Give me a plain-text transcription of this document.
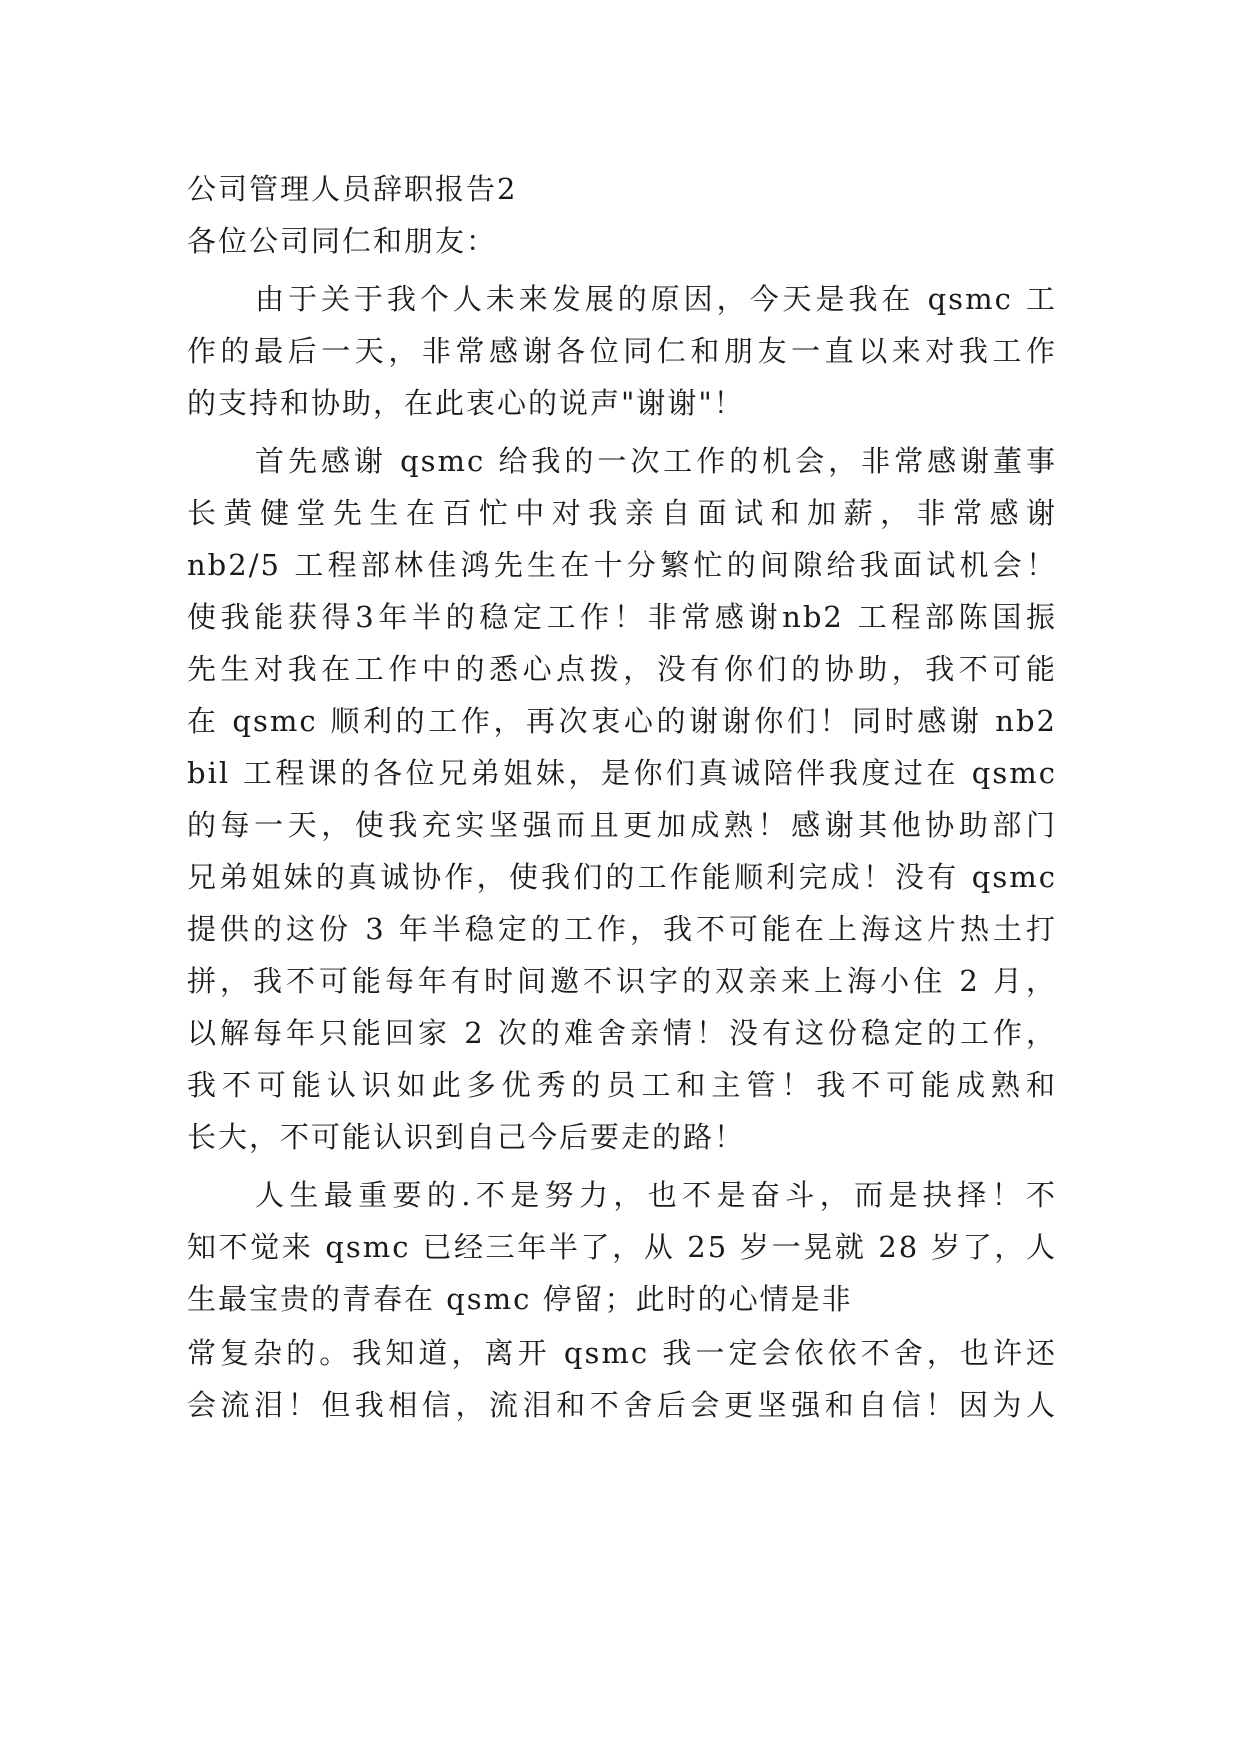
公司管理人员辞职报告2
各位公司同仁和朋友：
由于关于我个人未来发展的原因，今天是我在 qsmc 工
作的最后一天，非常感谢各位同仁和朋友一直以来对我工作
的支持和协助，在此衷心的说声"谢谢"！
首先感谢 qsmc 给我的一次工作的机会，非常感谢董事
长黄健堂先生在百忙中对我亲自面试和加薪，非常感谢
nb2/5 工程部林佳鸿先生在十分繁忙的间隙给我面试机会！
使我能获得3年半的稳定工作！非常感谢nb2 工程部陈国振
先生对我在工作中的悉心点拨，没有你们的协助，我不可能
在 qsmc 顺利的工作，再次衷心的谢谢你们！同时感谢 nb2
bil 工程课的各位兄弟姐妹，是你们真诚陪伴我度过在 qsmc
的每一天，使我充实坚强而且更加成熟！感谢其他协助部门
兄弟姐妹的真诚协作，使我们的工作能顺利完成！没有 qsmc
提供的这份 3 年半稳定的工作，我不可能在上海这片热土打
拼，我不可能每年有时间邀不识字的双亲来上海小住 2 月，
以解每年只能回家 2 次的难舍亲情！没有这份稳定的工作，
我不可能认识如此多优秀的员工和主管！我不可能成熟和
长大，不可能认识到自己今后要走的路！
人生最重要的.不是努力，也不是奋斗，而是抉择！不
知不觉来 qsmc 已经三年半了，从 25 岁一晃就 28 岁了，人
生最宝贵的青春在 qsmc 停留；此时的心情是非
常复杂的。我知道，离开 qsmc 我一定会依依不舍，也许还
会流泪！但我相信，流泪和不舍后会更坚强和自信！因为人
